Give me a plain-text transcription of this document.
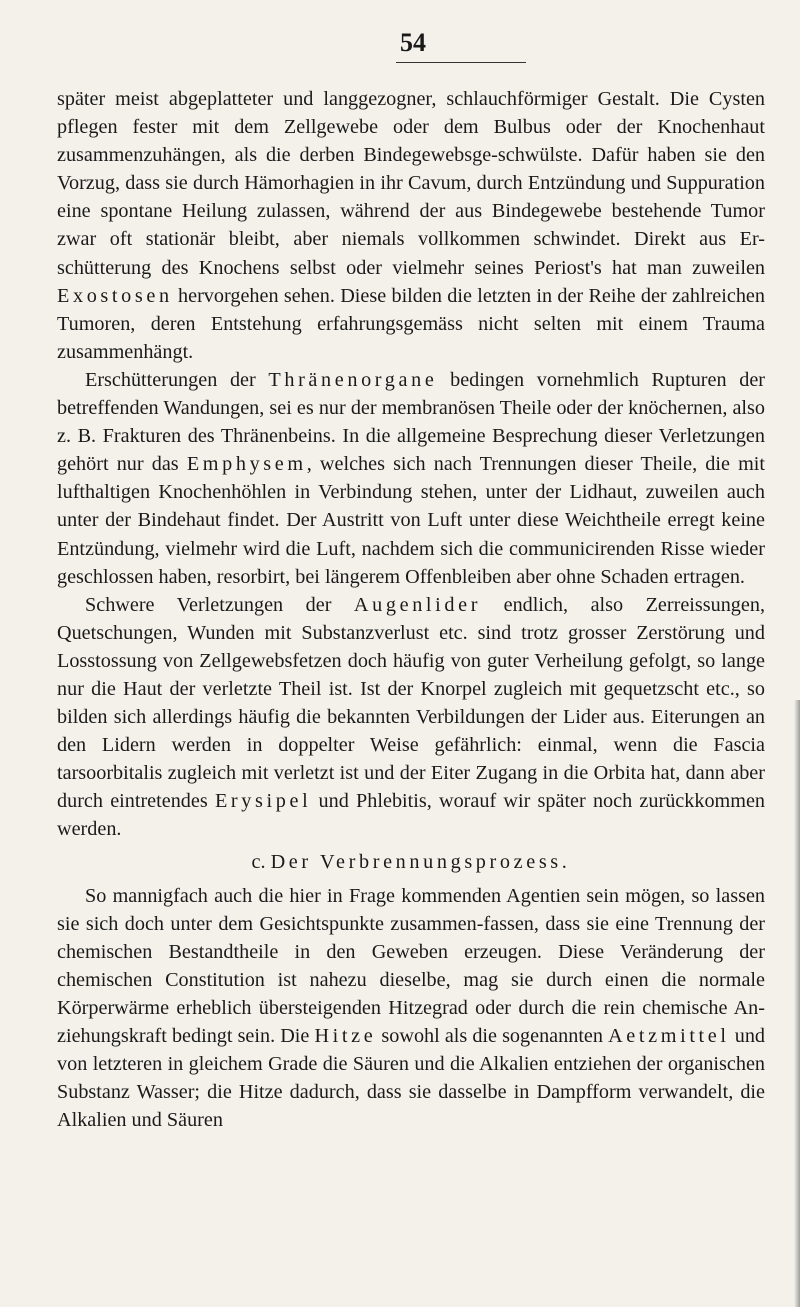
54

später meist abgeplatteter und langgezogner, schlauchförmiger Gestalt. Die Cysten pflegen fester mit dem Zellgewebe oder dem Bulbus oder der Knochenhaut zusammenzuhängen, als die derben Bindegewebsge-schwülste. Dafür haben sie den Vorzug, dass sie durch Hämorhagien in ihr Cavum, durch Entzündung und Suppuration eine spontane Heilung zulassen, während der aus Bindegewebe bestehende Tumor zwar oft stationär bleibt, aber niemals vollkommen schwindet. Direkt aus Er-schütterung des Knochens selbst oder vielmehr seines Periost's hat man zuweilen Exostosen hervorgehen sehen. Diese bilden die letzten in der Reihe der zahlreichen Tumoren, deren Entstehung erfahrungsgemäss nicht selten mit einem Trauma zusammenhängt.

Erschütterungen der Thränenorgane bedingen vornehmlich Rupturen der betreffenden Wandungen, sei es nur der membranösen Theile oder der knöchernen, also z. B. Frakturen des Thränenbeins. In die allgemeine Besprechung dieser Verletzungen gehört nur das Emphysem, welches sich nach Trennungen dieser Theile, die mit lufthaltigen Knochenhöhlen in Verbindung stehen, unter der Lidhaut, zuweilen auch unter der Bindehaut findet. Der Austritt von Luft unter diese Weichtheile erregt keine Entzündung, vielmehr wird die Luft, nachdem sich die communicirenden Risse wieder geschlossen haben, resorbirt, bei längerem Offenbleiben aber ohne Schaden ertragen.

Schwere Verletzungen der Augenlider endlich, also Zerreissungen, Quetschungen, Wunden mit Substanzverlust etc. sind trotz grosser Zerstörung und Losstossung von Zellgewebsfetzen doch häufig von guter Verheilung gefolgt, so lange nur die Haut der verletzte Theil ist. Ist der Knorpel zugleich mit gequetzscht etc., so bilden sich allerdings häufig die bekannten Verbildungen der Lider aus. Eiterungen an den Lidern werden in doppelter Weise gefährlich: einmal, wenn die Fascia tarsoorbitalis zugleich mit verletzt ist und der Eiter Zugang in die Orbita hat, dann aber durch eintretendes Erysipel und Phlebitis, worauf wir später noch zurückkommen werden.

c. Der Verbrennungsprozess.

So mannigfach auch die hier in Frage kommenden Agentien sein mögen, so lassen sie sich doch unter dem Gesichtspunkte zusammen-fassen, dass sie eine Trennung der chemischen Bestandtheile in den Geweben erzeugen. Diese Veränderung der chemischen Constitution ist nahezu dieselbe, mag sie durch einen die normale Körperwärme erheblich übersteigenden Hitzegrad oder durch die rein chemische An-ziehungskraft bedingt sein. Die Hitze sowohl als die sogenannten Aetzmittel und von letzteren in gleichem Grade die Säuren und die Alkalien entziehen der organischen Substanz Wasser; die Hitze dadurch, dass sie dasselbe in Dampfform verwandelt, die Alkalien und Säuren
